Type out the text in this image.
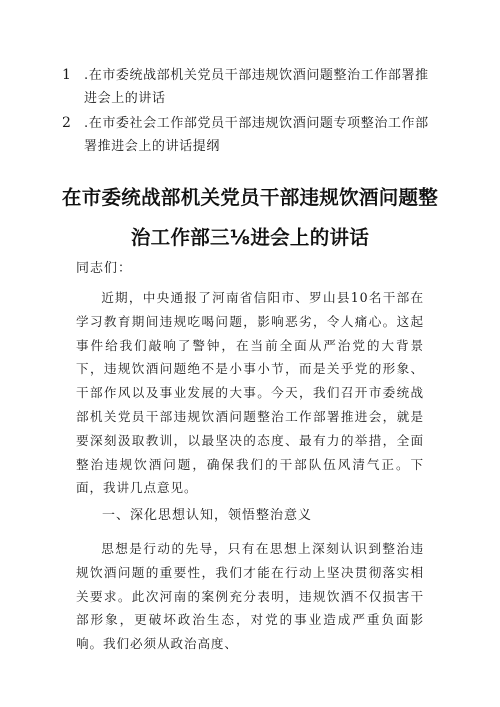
1 .在市委统战部机关党员干部违规饮酒问题整治工作部署推进会上的讲话
2 .在市委社会工作部党员干部违规饮酒问题专项整治工作部署推进会上的讲话提纲
在市委统战部机关党员干部违规饮酒问题整
治工作部三⅛进会上的讲话
同志们：

近期，中央通报了河南省信阳市、罗山县10名干部在学习教育期间违规吃喝问题，影响恶劣，令人痛心。这起事件给我们敲响了警钟，在当前全面从严治党的大背景下，违规饮酒问题绝不是小事小节，而是关乎党的形象、干部作风以及事业发展的大事。今天，我们召开市委统战部机关党员干部违规饮酒问题整治工作部署推进会，就是要深刻汲取教训，以最坚决的态度、最有力的举措，全面整治违规饮酒问题，确保我们的干部队伍风清气正。下面，我讲几点意见。

一、深化思想认知，领悟整治意义

思想是行动的先导，只有在思想上深刻认识到整治违规饮酒问题的重要性，我们才能在行动上坚决贯彻落实相关要求。此次河南的案例充分表明，违规饮酒不仅损害干部形象，更破坏政治生态，对党的事业造成严重负面影响。我们必须从政治高度、
